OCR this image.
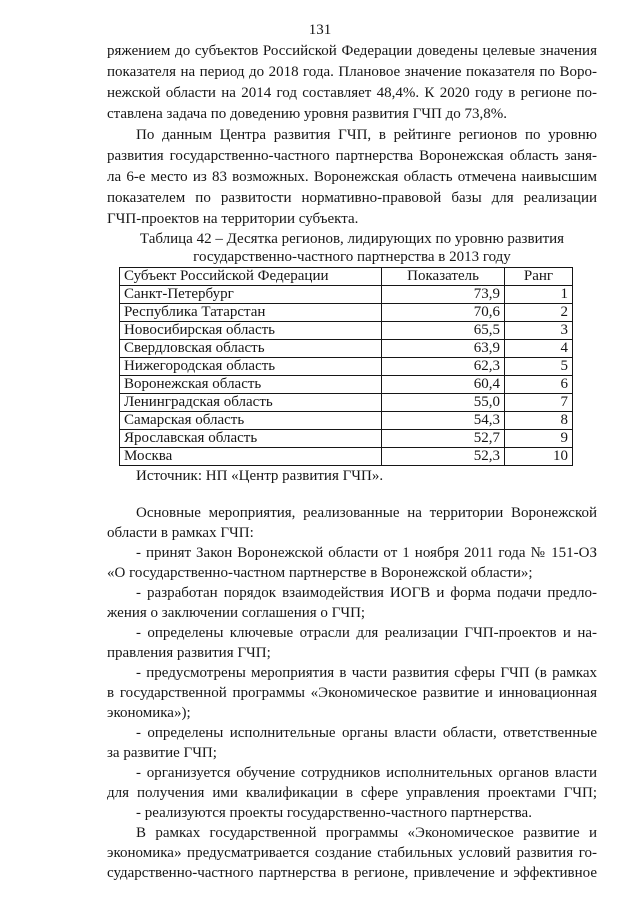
131
ряжением до субъектов Российской Федерации доведены целевые значения
показателя на период до 2018 года. Плановое значение показателя по Воро-
нежской области на 2014 год составляет 48,4%. К 2020 году в регионе по-
ставлена задача по доведению уровня развития ГЧП до 73,8%.
По данным Центра развития ГЧП, в рейтинге регионов по уровню
развития государственно-частного партнерства Воронежская область заня-
ла 6-е место из 83 возможных. Воронежская область отмечена наивысшим
показателем по развитости нормативно-правовой базы для реализации
ГЧП-проектов на территории субъекта.
Таблица 42 – Десятка регионов, лидирующих по уровню развития
государственно-частного партнерства в 2013 году
Субъект Российской Федерации	Показатель	Ранг
Санкт-Петербург	73,9	1
Республика Татарстан	70,6	2
Новосибирская область	65,5	3
Свердловская область	63,9	4
Нижегородская область	62,3	5
Воронежская область	60,4	6
Ленинградская область	55,0	7
Самарская область	54,3	8
Ярославская область	52,7	9
Москва	52,3	10
Источник: НП «Центр развития ГЧП».
Основные мероприятия, реализованные на территории Воронежской
области в рамках ГЧП:
- принят Закон Воронежской области от 1 ноября 2011 года № 151-ОЗ
«О государственно-частном партнерстве в Воронежской области»;
- разработан порядок взаимодействия ИОГВ и форма подачи предло-
жения о заключении соглашения о ГЧП;
- определены ключевые отрасли для реализации ГЧП-проектов и на-
правления развития ГЧП;
- предусмотрены мероприятия в части развития сферы ГЧП (в рамках
в государственной программы «Экономическое развитие и инновационная
экономика»);
- определены исполнительные органы власти области, ответственные
за развитие ГЧП;
- организуется обучение сотрудников исполнительных органов власти
для получения ими квалификации в сфере управления проектами ГЧП;
- реализуются проекты государственно-частного партнерства.
В рамках государственной программы «Экономическое развитие и
экономика» предусматривается создание стабильных условий развития го-
сударственно-частного партнерства в регионе, привлечение и эффективное
